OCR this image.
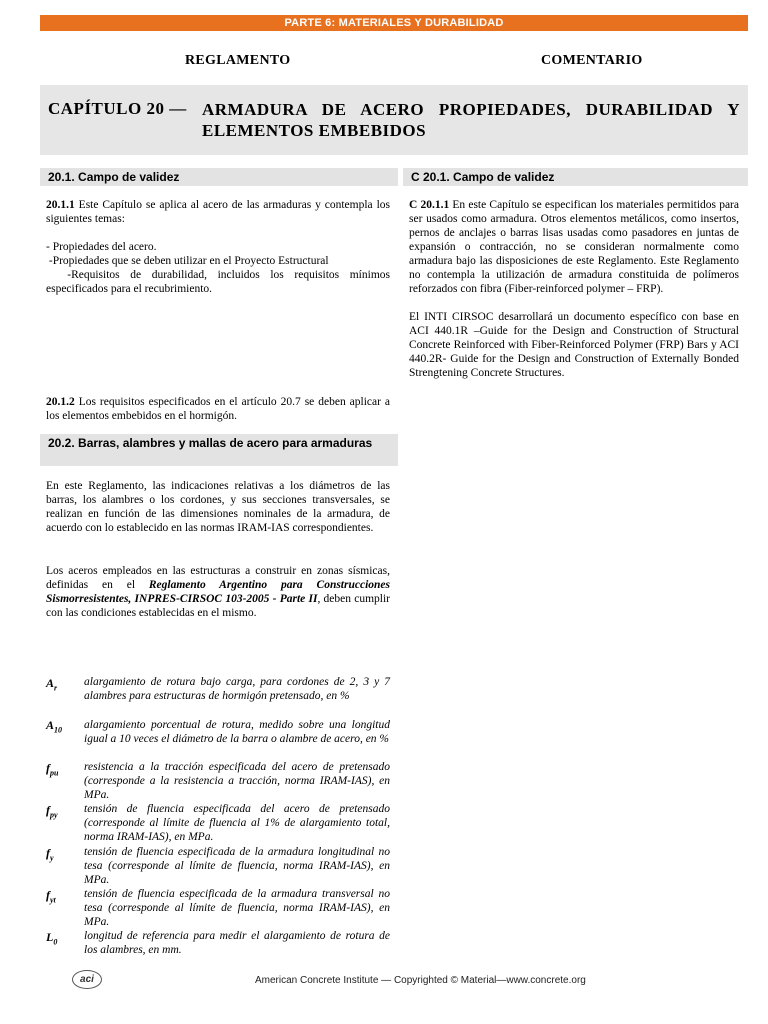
PARTE 6: MATERIALES Y DURABILIDAD
REGLAMENTO	COMENTARIO
CAPÍTULO 20 — ARMADURA DE ACERO PROPIEDADES, DURABILIDAD Y ELEMENTOS EMBEBIDOS
20.1. Campo de validez
20.1.1 Este Capítulo se aplica al acero de las armaduras y contempla los siguientes temas:
- Propiedades del acero.
-Propiedades que se deben utilizar en el Proyecto Estructural
-Requisitos de durabilidad, incluidos los requisitos mínimos especificados para el recubrimiento.
20.1.2 Los requisitos especificados en el artículo 20.7 se deben aplicar a los elementos embebidos en el hormigón.
20.2. Barras, alambres y mallas de acero para armaduras
En este Reglamento, las indicaciones relativas a los diámetros de las barras, los alambres o los cordones, y sus secciones transversales, se realizan en función de las dimensiones nominales de la armadura, de acuerdo con lo establecido en las normas IRAM-IAS correspondientes.
Los aceros empleados en las estructuras a construir en zonas sísmicas, definidas en el Reglamento Argentino para Construcciones Sismorresistentes, INPRES-CIRSOC 103-2005 - Parte II, deben cumplir con las condiciones establecidas en el mismo.
$A_r$ alargamiento de rotura bajo carga, para cordones de 2, 3 y 7 alambres para estructuras de hormigón pretensado, en %
$A_{10}$ alargamiento porcentual de rotura, medido sobre una longitud igual a 10 veces el diámetro de la barra o alambre de acero, en %
$f_{pu}$ resistencia a la tracción especificada del acero de pretensado (corresponde a la resistencia a tracción, norma IRAM-IAS), en MPa.
$f_{py}$ tensión de fluencia especificada del acero de pretensado (corresponde al límite de fluencia al 1% de alargamiento total, norma IRAM-IAS), en MPa.
$f_y$	tensión de fluencia especificada de la armadura longitudinal no tesa (corresponde al límite de fluencia, norma IRAM-IAS), en MPa.
$f_{yt}$ tensión de fluencia especificada de la armadura transversal no tesa (corresponde al límite de fluencia, norma IRAM-IAS), en MPa.
$L_0$ longitud de referencia para medir el alargamiento de rotura de los alambres, en mm.
C 20.1. Campo de validez
C 20.1.1 En este Capítulo se especifican los materiales permitidos para ser usados como armadura. Otros elementos metálicos, como insertos, pernos de anclajes o barras lisas usadas como pasadores en juntas de expansión o contracción, no se consideran normalmente como armadura bajo las disposiciones de este Reglamento. Este Reglamento no contempla la utilización de armadura constituida de polímeros reforzados con fibra (Fiber-reinforced polymer – FRP).
El INTI CIRSOC desarrollará un documento específico con base en ACI 440.1R –Guide for the Design and Construction of Structural Concrete Reinforced with Fiber-Reinforced Polymer (FRP) Bars y ACI 440.2R- Guide for the Design and Construction of Externally Bonded Strengtening Concrete Structures.
aci	American Concrete Institute — Copyrighted © Material—www.concrete.org
